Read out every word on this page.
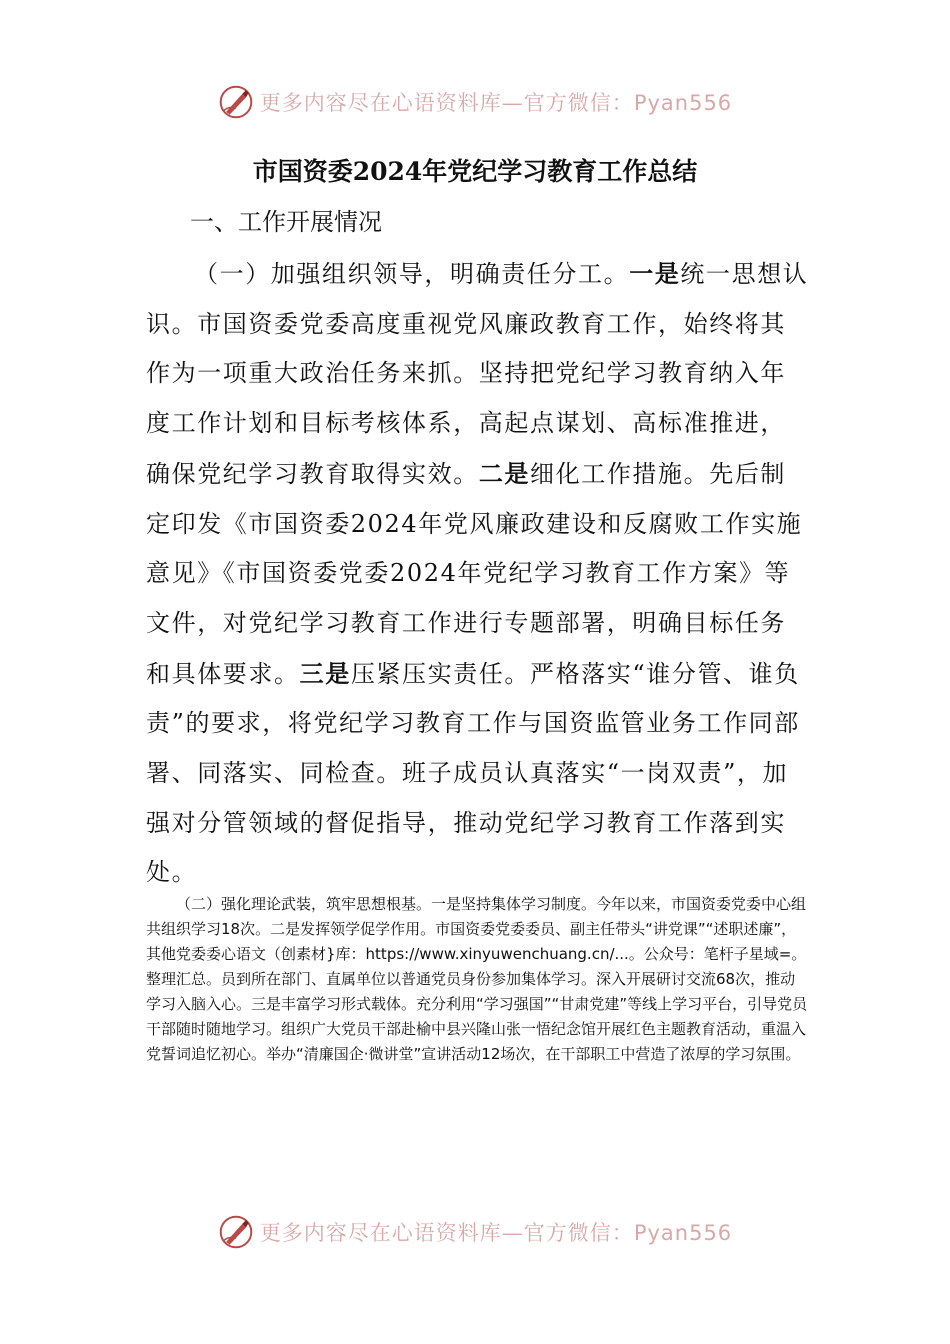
更多内容尽在心语资料库—官方微信：Pyan556
市国资委2024年党纪学习教育工作总结
一、工作开展情况

（一）加强组织领导，明确责任分工。一是统一思想认识。市国资委党委高度重视党风廉政教育工作，始终将其作为一项重大政治任务来抓。坚持把党纪学习教育纳入年度工作计划和目标考核体系，高起点谋划、高标准推进，确保党纪学习教育取得实效。二是细化工作措施。先后制定印发《市国资委2024年党风廉政建设和反腐败工作实施意见》《市国资委党委2024年党纪学习教育工作方案》等文件，对党纪学习教育工作进行专题部署，明确目标任务和具体要求。三是压紧压实责任。严格落实“谁分管、谁负责”的要求，将党纪学习教育工作与国资监管业务工作同部署、同落实、同检查。班子成员认真落实“一岗双责”，加强对分管领域的督促指导，推动党纪学习教育工作落到实处。

（二）强化理论武装，筑牢思想根基。一是坚持集体学习制度。今年以来，市国资委党委中心组共组织学习18次。二是发挥领学促学作用。市国资委党委委员、副主任带头“讲党课”“述职述廉”，其他党委委心语文（创素材}库：https://www.xinyuwenchuang.cn/...。公众号：笔杆子星域=。整理汇总。员到所在部门、直属单位以普通党员身份参加集体学习。深入开展研讨交流68次，推动学习入脑入心。三是丰富学习形式载体。充分利用“学习强国”“甘肃党建”等线上学习平台，引导党员干部随时随地学习。组织广大党员干部赴榆中县兴隆山张一悟纪念馆开展红色主题教育活动，重温入党誓词追忆初心。举办“清廉国企·微讲堂”宣讲活动12场次，在干部职工中营造了浓厚的学习氛围。

更多内容尽在心语资料库—官方微信：Pyan556
